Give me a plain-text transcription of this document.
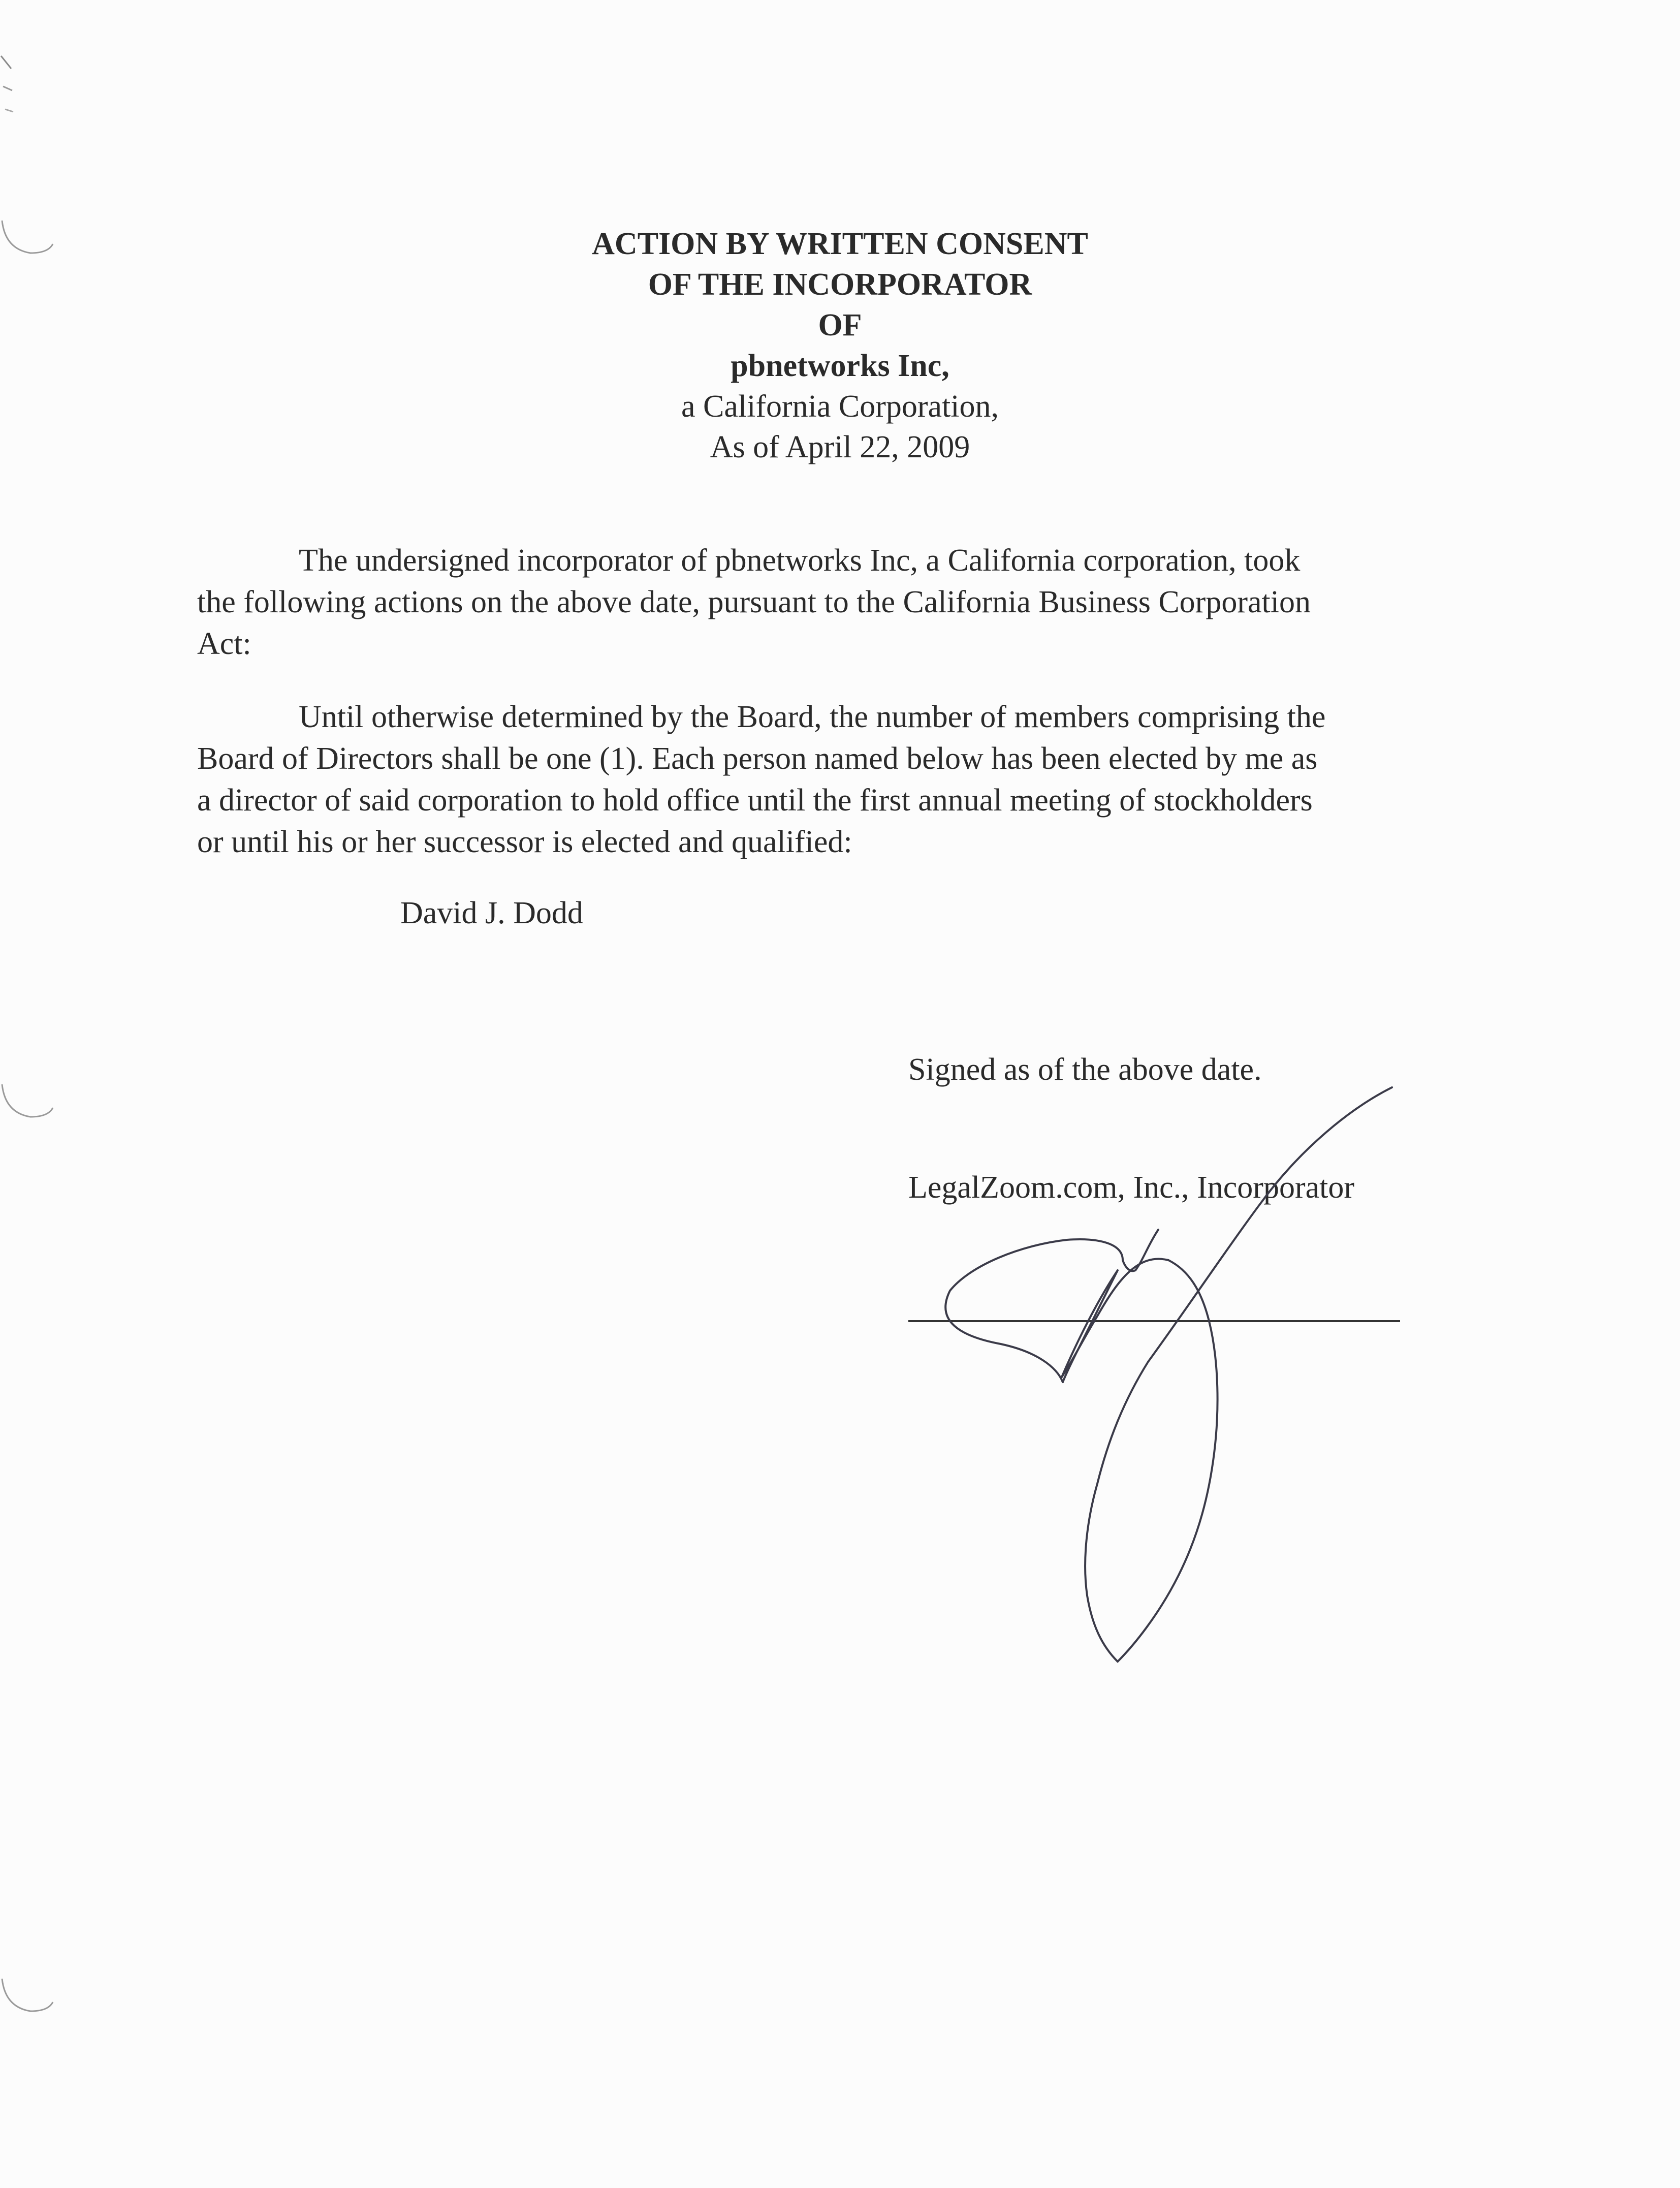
ACTION BY WRITTEN CONSENT
OF THE INCORPORATOR
OF
pbnetworks Inc,
a California Corporation,
As of April 22, 2009

The undersigned incorporator of pbnetworks Inc, a California corporation, took
the following actions on the above date, pursuant to the California Business Corporation
Act:

Until otherwise determined by the Board, the number of members comprising the
Board of Directors shall be one (1). Each person named below has been elected by me as
a director of said corporation to hold office until the first annual meeting of stockholders
or until his or her successor is elected and qualified:

David J. Dodd
Signed as of the above date.
LegalZoom.com, Inc., Incorporator
